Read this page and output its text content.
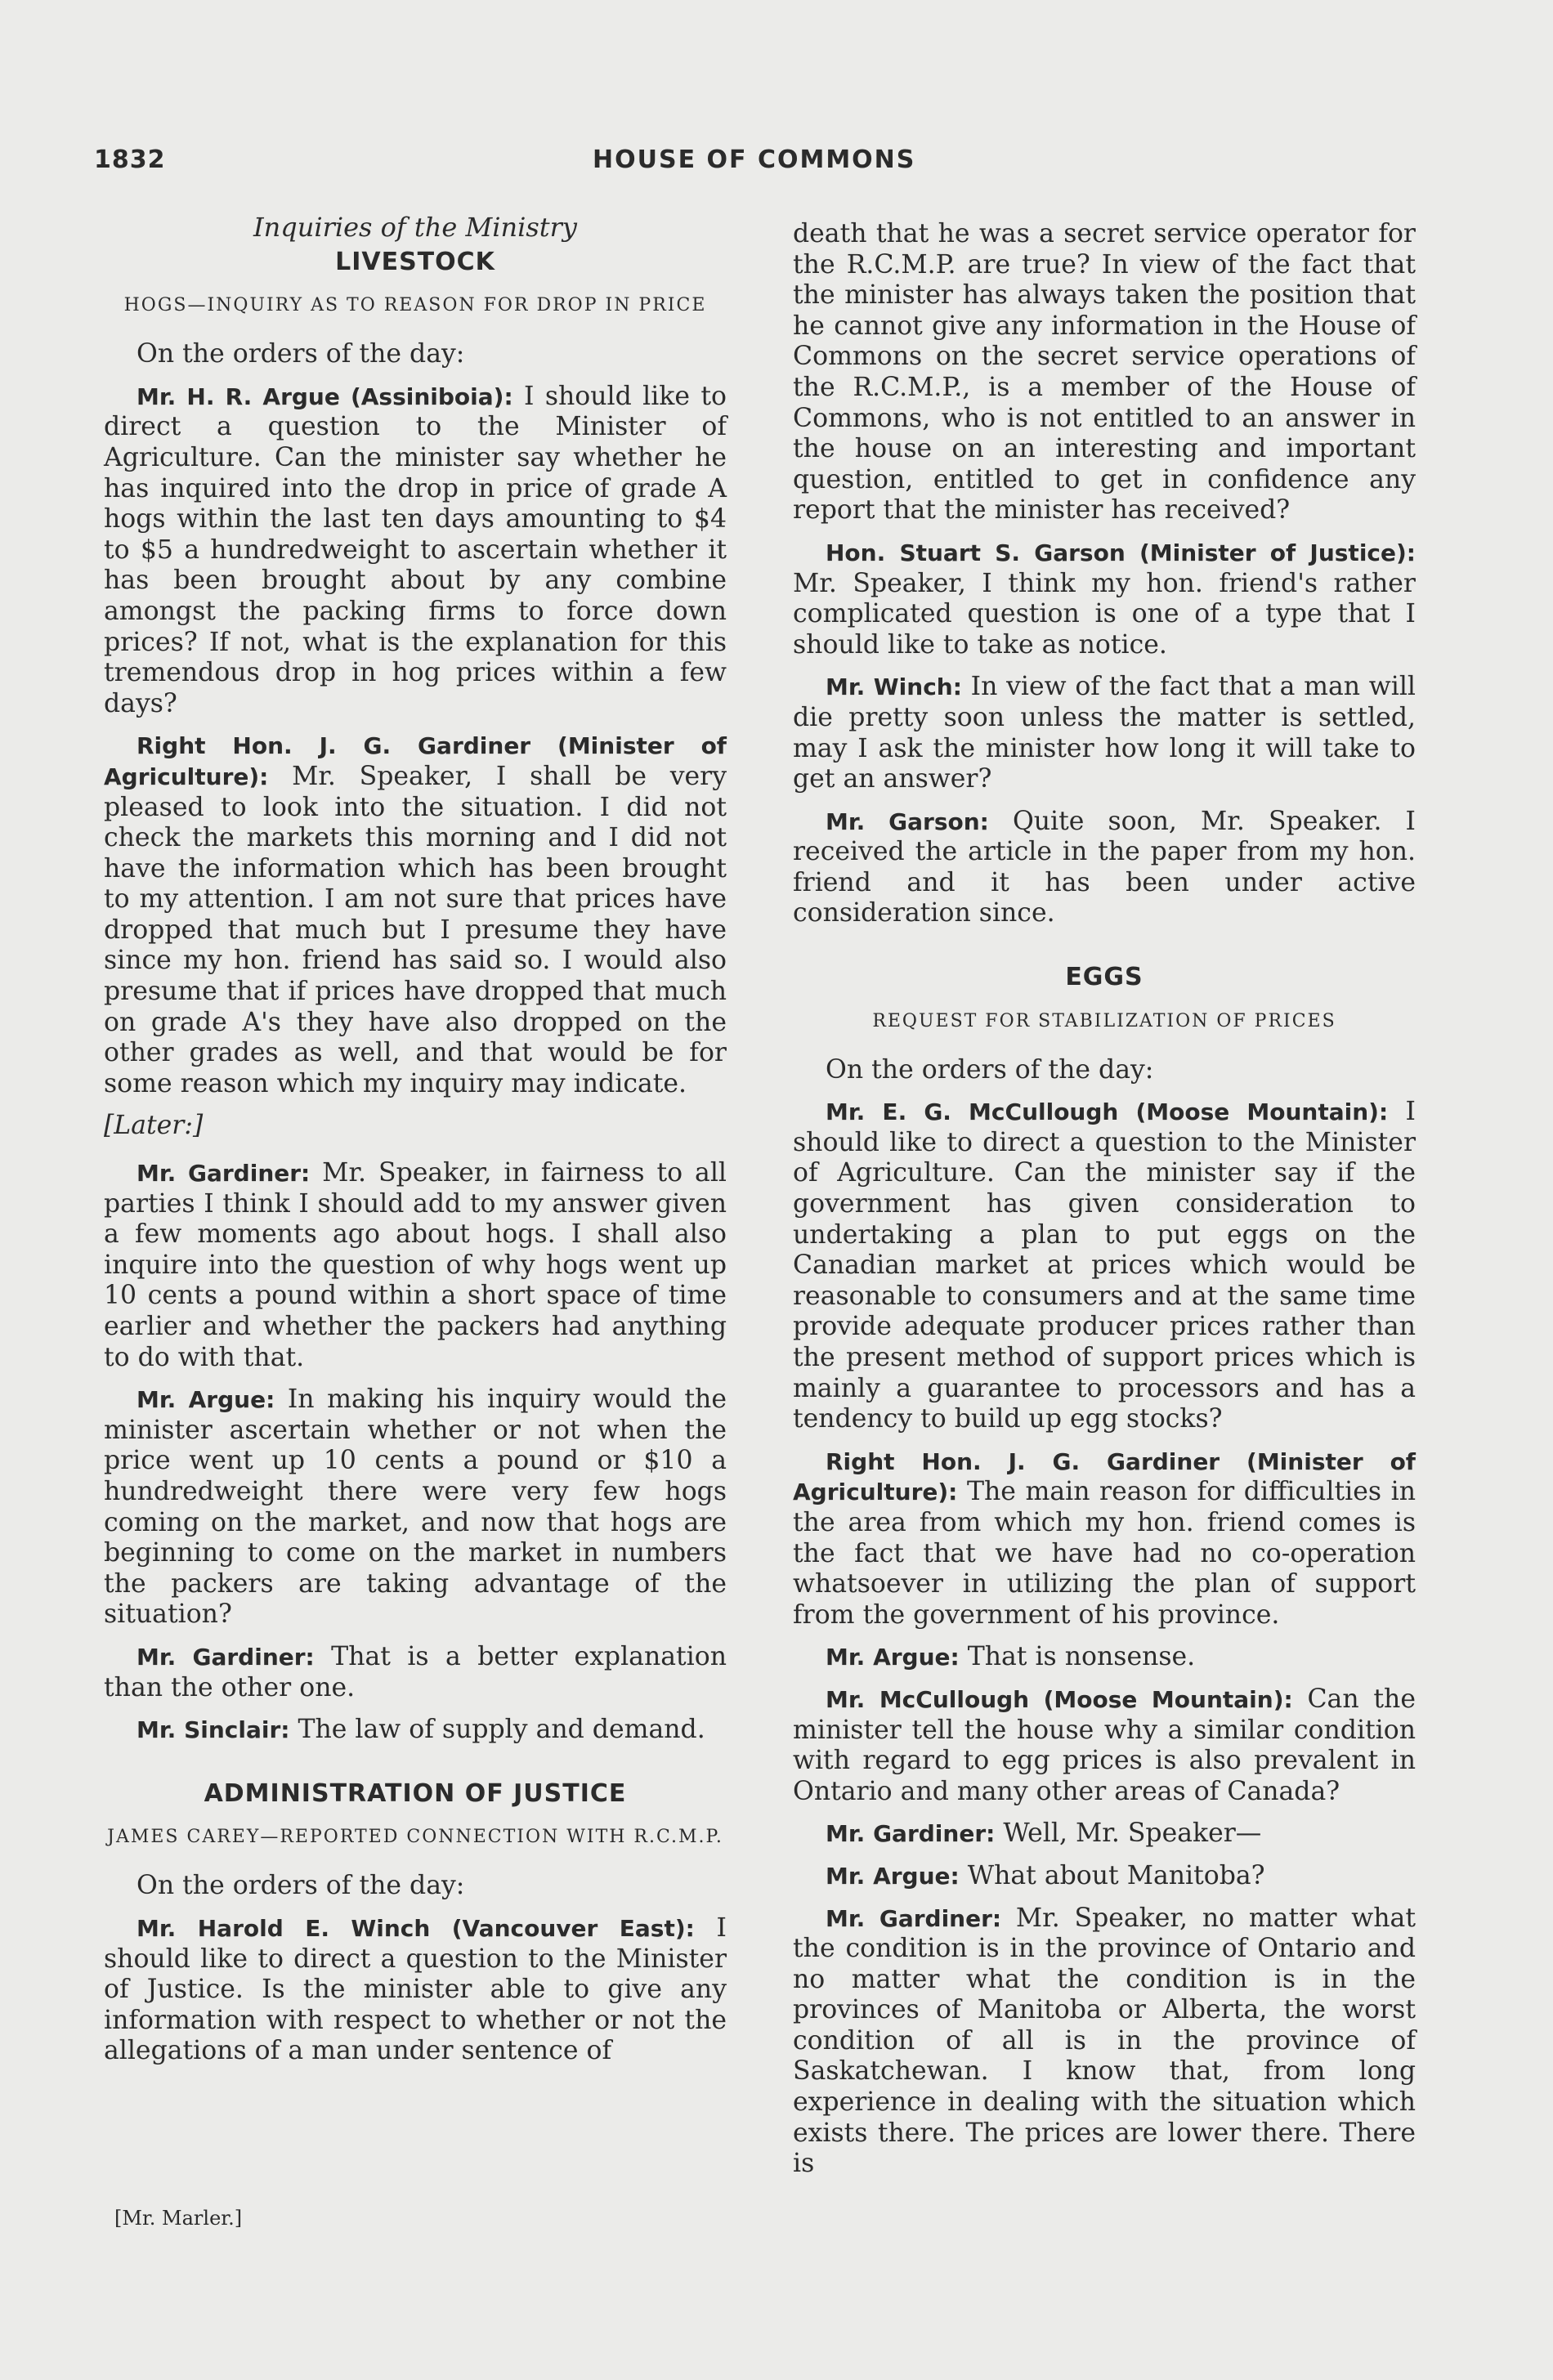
1832	HOUSE OF COMMONS
Inquiries of the Ministry
LIVESTOCK
HOGS—INQUIRY AS TO REASON FOR DROP IN PRICE

On the orders of the day:

Mr. H. R. Argue (Assiniboia): I should like to direct a question to the Minister of Agriculture. Can the minister say whether he has inquired into the drop in price of grade A hogs within the last ten days amounting to $4 to $5 a hundredweight to ascertain whether it has been brought about by any combine amongst the packing firms to force down prices? If not, what is the explanation for this tremendous drop in hog prices within a few days?

Right Hon. J. G. Gardiner (Minister of Agriculture): Mr. Speaker, I shall be very pleased to look into the situation. I did not check the markets this morning and I did not have the information which has been brought to my attention. I am not sure that prices have dropped that much but I presume they have since my hon. friend has said so. I would also presume that if prices have dropped that much on grade A's they have also dropped on the other grades as well, and that would be for some reason which my inquiry may indicate.

[Later:]

Mr. Gardiner: Mr. Speaker, in fairness to all parties I think I should add to my answer given a few moments ago about hogs. I shall also inquire into the question of why hogs went up 10 cents a pound within a short space of time earlier and whether the packers had anything to do with that.

Mr. Argue: In making his inquiry would the minister ascertain whether or not when the price went up 10 cents a pound or $10 a hundredweight there were very few hogs coming on the market, and now that hogs are beginning to come on the market in numbers the packers are taking advantage of the situation?

Mr. Gardiner: That is a better explanation than the other one.

Mr. Sinclair: The law of supply and demand.

ADMINISTRATION OF JUSTICE
JAMES CAREY—REPORTED CONNECTION WITH R.C.M.P.

On the orders of the day:

Mr. Harold E. Winch (Vancouver East): I should like to direct a question to the Minister of Justice. Is the minister able to give any information with respect to whether or not the allegations of a man under sentence of

death that he was a secret service operator for the R.C.M.P. are true? In view of the fact that the minister has always taken the position that he cannot give any information in the House of Commons on the secret service operations of the R.C.M.P., is a member of the House of Commons, who is not entitled to an answer in the house on an interesting and important question, entitled to get in confidence any report that the minister has received?

Hon. Stuart S. Garson (Minister of Justice): Mr. Speaker, I think my hon. friend's rather complicated question is one of a type that I should like to take as notice.

Mr. Winch: In view of the fact that a man will die pretty soon unless the matter is settled, may I ask the minister how long it will take to get an answer?

Mr. Garson: Quite soon, Mr. Speaker. I received the article in the paper from my hon. friend and it has been under active consideration since.

EGGS
REQUEST FOR STABILIZATION OF PRICES

On the orders of the day:

Mr. E. G. McCullough (Moose Mountain): I should like to direct a question to the Minister of Agriculture. Can the minister say if the government has given consideration to undertaking a plan to put eggs on the Canadian market at prices which would be reasonable to consumers and at the same time provide adequate producer prices rather than the present method of support prices which is mainly a guarantee to processors and has a tendency to build up egg stocks?

Right Hon. J. G. Gardiner (Minister of Agriculture): The main reason for difficulties in the area from which my hon. friend comes is the fact that we have had no co-operation whatsoever in utilizing the plan of support from the government of his province.

Mr. Argue: That is nonsense.

Mr. McCullough (Moose Mountain): Can the minister tell the house why a similar condition with regard to egg prices is also prevalent in Ontario and many other areas of Canada?

Mr. Gardiner: Well, Mr. Speaker—

Mr. Argue: What about Manitoba?

Mr. Gardiner: Mr. Speaker, no matter what the condition is in the province of Ontario and no matter what the condition is in the provinces of Manitoba or Alberta, the worst condition of all is in the province of Saskatchewan. I know that, from long experience in dealing with the situation which exists there. The prices are lower there. There is

[Mr. Marler.]
